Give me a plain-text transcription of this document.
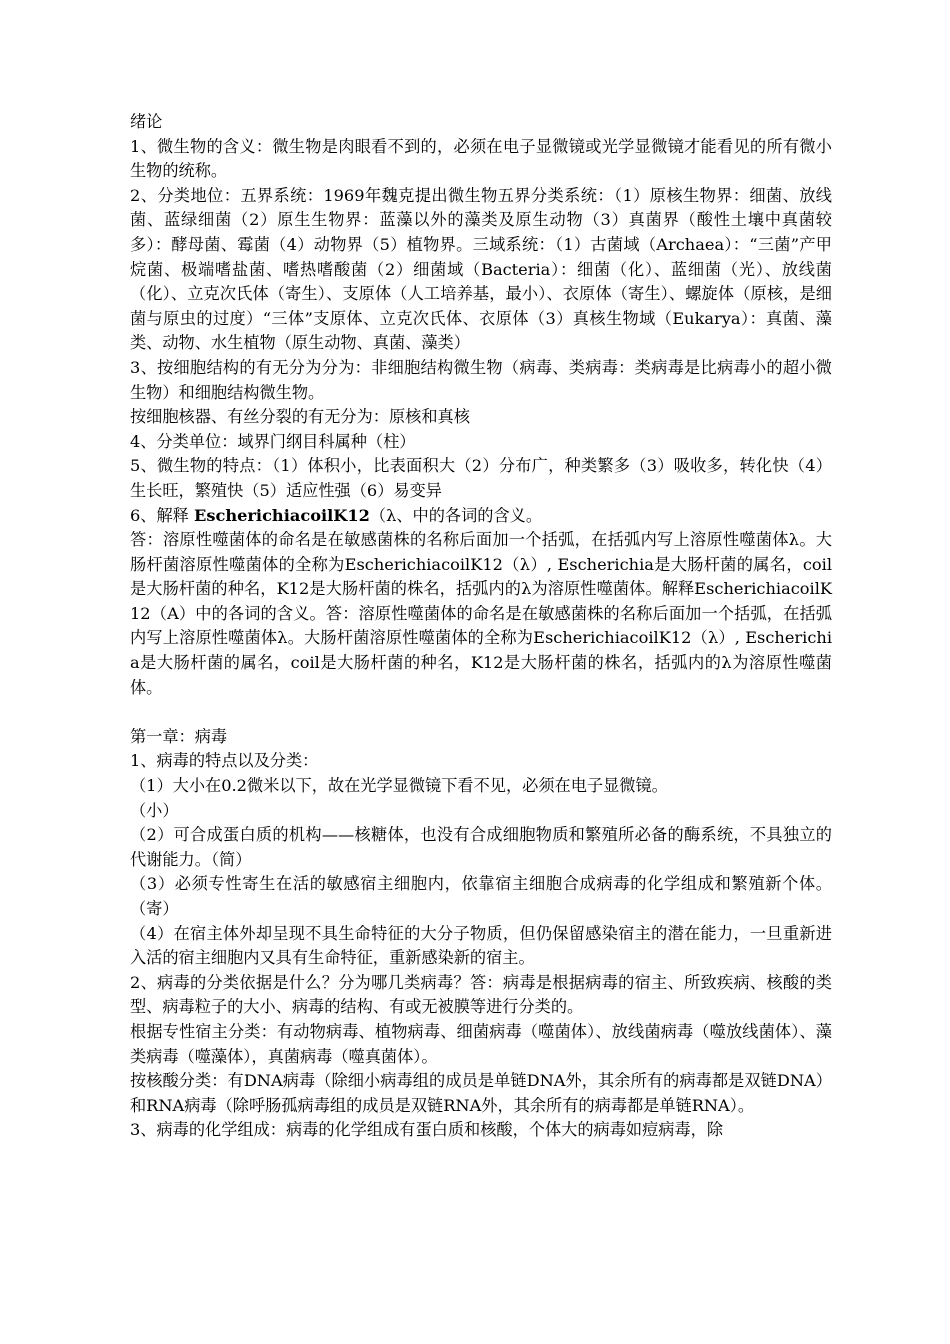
绪论

1、微生物的含义：微生物是肉眼看不到的，必须在电子显微镜或光学显微镜才能看见的所有微小生物的统称。

2、分类地位：五界系统：1969年魏克提出微生物五界分类系统：（1）原核生物界：细菌、放线菌、蓝绿细菌（2）原生生物界：蓝藻以外的藻类及原生动物（3）真菌界（酸性土壤中真菌较多）：酵母菌、霉菌（4）动物界（5）植物界。三域系统：（1）古菌域（Archaea）：“三菌”产甲烷菌、极端嗜盐菌、嗜热嗜酸菌（2）细菌域（Bacteria）：细菌（化）、蓝细菌（光）、放线菌（化）、立克次氏体（寄生）、支原体（人工培养基，最小）、衣原体（寄生）、螺旋体（原核，是细菌与原虫的过度）“三体”支原体、立克次氏体、衣原体（3）真核生物域（Eukarya）：真菌、藻类、动物、水生植物（原生动物、真菌、藻类）

3、按细胞结构的有无分为分为：非细胞结构微生物（病毒、类病毒：类病毒是比病毒小的超小微生物）和细胞结构微生物。

按细胞核器、有丝分裂的有无分为：原核和真核

4、分类单位：域界门纲目科属种（柱）

5、微生物的特点：（1）体积小，比表面积大（2）分布广，种类繁多（3）吸收多，转化快（4）生长旺，繁殖快（5）适应性强（6）易变异

6、解释 EscherichiacoilK12（λ、中的各词的含义。

答：溶原性噬菌体的命名是在敏感菌株的名称后面加一个括弧，在括弧内写上溶原性噬菌体λ。大肠杆菌溶原性噬菌体的全称为EscherichiacoilK12（λ）, Escherichia是大肠杆菌的属名，coil是大肠杆菌的种名，K12是大肠杆菌的株名，括弧内的λ为溶原性噬菌体。解释EscherichiacoilK12（A）中的各词的含义。答：溶原性噬菌体的命名是在敏感菌株的名称后面加一个括弧，在括弧内写上溶原性噬菌体λ。大肠杆菌溶原性噬菌体的全称为EscherichiacoilK12（λ）, Escherichia是大肠杆菌的属名，coil是大肠杆菌的种名，K12是大肠杆菌的株名，括弧内的λ为溶原性噬菌体。

第一章：病毒

1、病毒的特点以及分类：

（1）大小在0.2微米以下，故在光学显微镜下看不见，必须在电子显微镜。

（小）

（2）可合成蛋白质的机构——核糖体，也没有合成细胞物质和繁殖所必备的酶系统，不具独立的代谢能力。（简）

（3）必须专性寄生在活的敏感宿主细胞内，依靠宿主细胞合成病毒的化学组成和繁殖新个体。（寄）

（4）在宿主体外却呈现不具生命特征的大分子物质，但仍保留感染宿主的潜在能力，一旦重新进入活的宿主细胞内又具有生命特征，重新感染新的宿主。

2、病毒的分类依据是什么？分为哪几类病毒？答：病毒是根据病毒的宿主、所致疾病、核酸的类型、病毒粒子的大小、病毒的结构、有或无被膜等进行分类的。

根据专性宿主分类：有动物病毒、植物病毒、细菌病毒（噬菌体）、放线菌病毒（噬放线菌体）、藻类病毒（噬藻体），真菌病毒（噬真菌体）。

按核酸分类：有DNA病毒（除细小病毒组的成员是单链DNA外，其余所有的病毒都是双链DNA）和RNA病毒（除呼肠孤病毒组的成员是双链RNA外，其余所有的病毒都是单链RNA）。

3、病毒的化学组成：病毒的化学组成有蛋白质和核酸，个体大的病毒如痘病毒，除
